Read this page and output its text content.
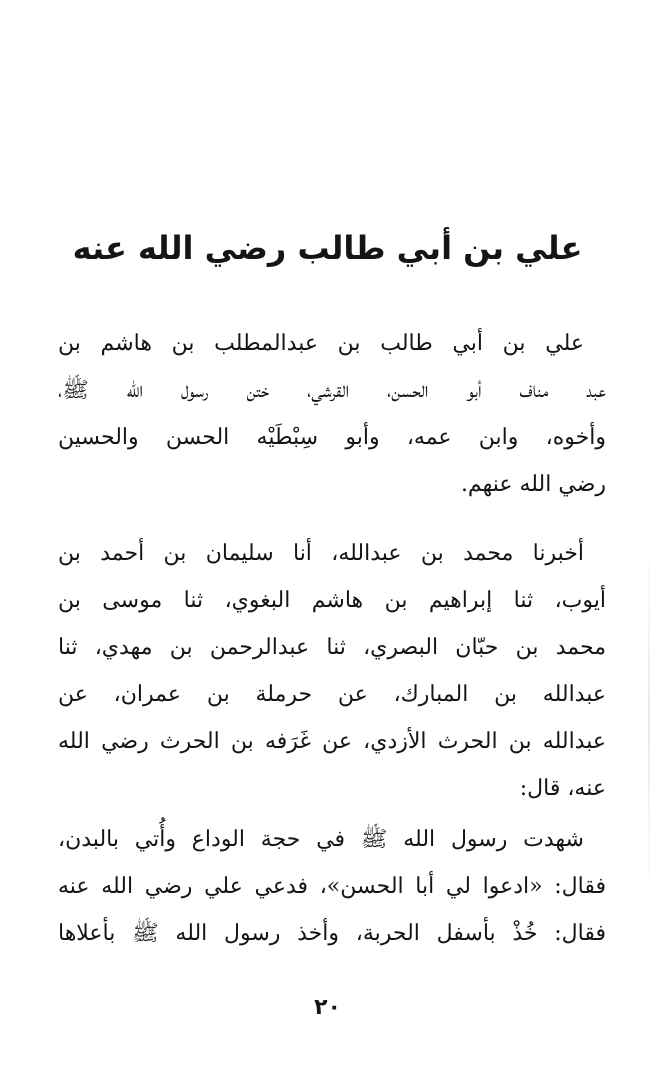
علي بن أبي طالب رضي الله عنه
علي بن أبي طالب بن عبدالمطلب بن هاشم بن
عبد مناف أبو الحسن، القرشي، ختن رسول الله ﷺ،
وأخوه، وابن عمه، وأبو سِبْطَيْه الحسن والحسين
رضي الله عنهم.
أخبرنا محمد بن عبدالله، أنا سليمان بن أحمد بن
أيوب، ثنا إبراهيم بن هاشم البغوي، ثنا موسى بن
محمد بن حبّان البصري، ثنا عبدالرحمن بن مهدي، ثنا
عبدالله بن المبارك، عن حرملة بن عمران، عن
عبدالله بن الحرث الأزدي، عن غَرَفه بن الحرث رضي الله
عنه، قال:
شهدت رسول الله ﷺ في حجة الوداع وأُتي بالبدن،
فقال: «ادعوا لي أبا الحسن»، فدعي علي رضي الله عنه
فقال: خُذْ بأسفل الحربة، وأخذ رسول الله ﷺ بأعلاها
٢٠
